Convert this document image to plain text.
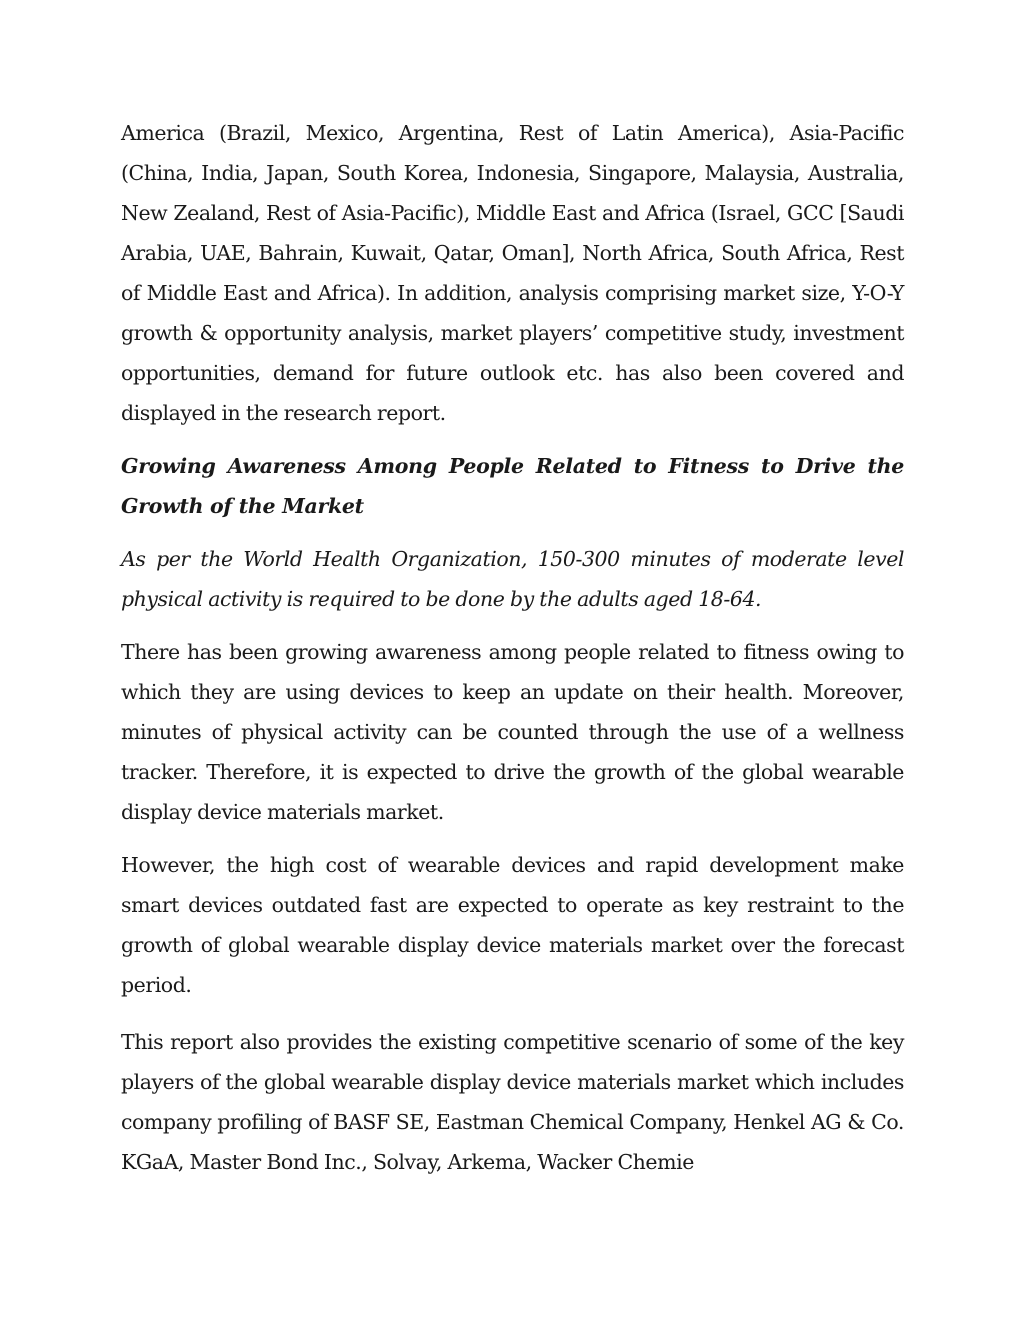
America (Brazil, Mexico, Argentina, Rest of Latin America), Asia-Pacific (China, India, Japan, South Korea, Indonesia, Singapore, Malaysia, Australia, New Zealand, Rest of Asia-Pacific), Middle East and Africa (Israel, GCC [Saudi Arabia, UAE, Bahrain, Kuwait, Qatar, Oman], North Africa, South Africa, Rest of Middle East and Africa). In addition, analysis comprising market size, Y-O-Y growth & opportunity analysis, market players’ competitive study, investment opportunities, demand for future outlook etc. has also been covered and displayed in the research report.

Growing Awareness Among People Related to Fitness to Drive the Growth of the Market

As per the World Health Organization, 150-300 minutes of moderate level physical activity is required to be done by the adults aged 18-64.

There has been growing awareness among people related to fitness owing to which they are using devices to keep an update on their health. Moreover, minutes of physical activity can be counted through the use of a wellness tracker. Therefore, it is expected to drive the growth of the global wearable display device materials market.

However, the high cost of wearable devices and rapid development make smart devices outdated fast are expected to operate as key restraint to the growth of global wearable display device materials market over the forecast period.

This report also provides the existing competitive scenario of some of the key players of the global wearable display device materials market which includes company profiling of BASF SE, Eastman Chemical Company, Henkel AG & Co. KGaA, Master Bond Inc., Solvay, Arkema, Wacker Chemie
